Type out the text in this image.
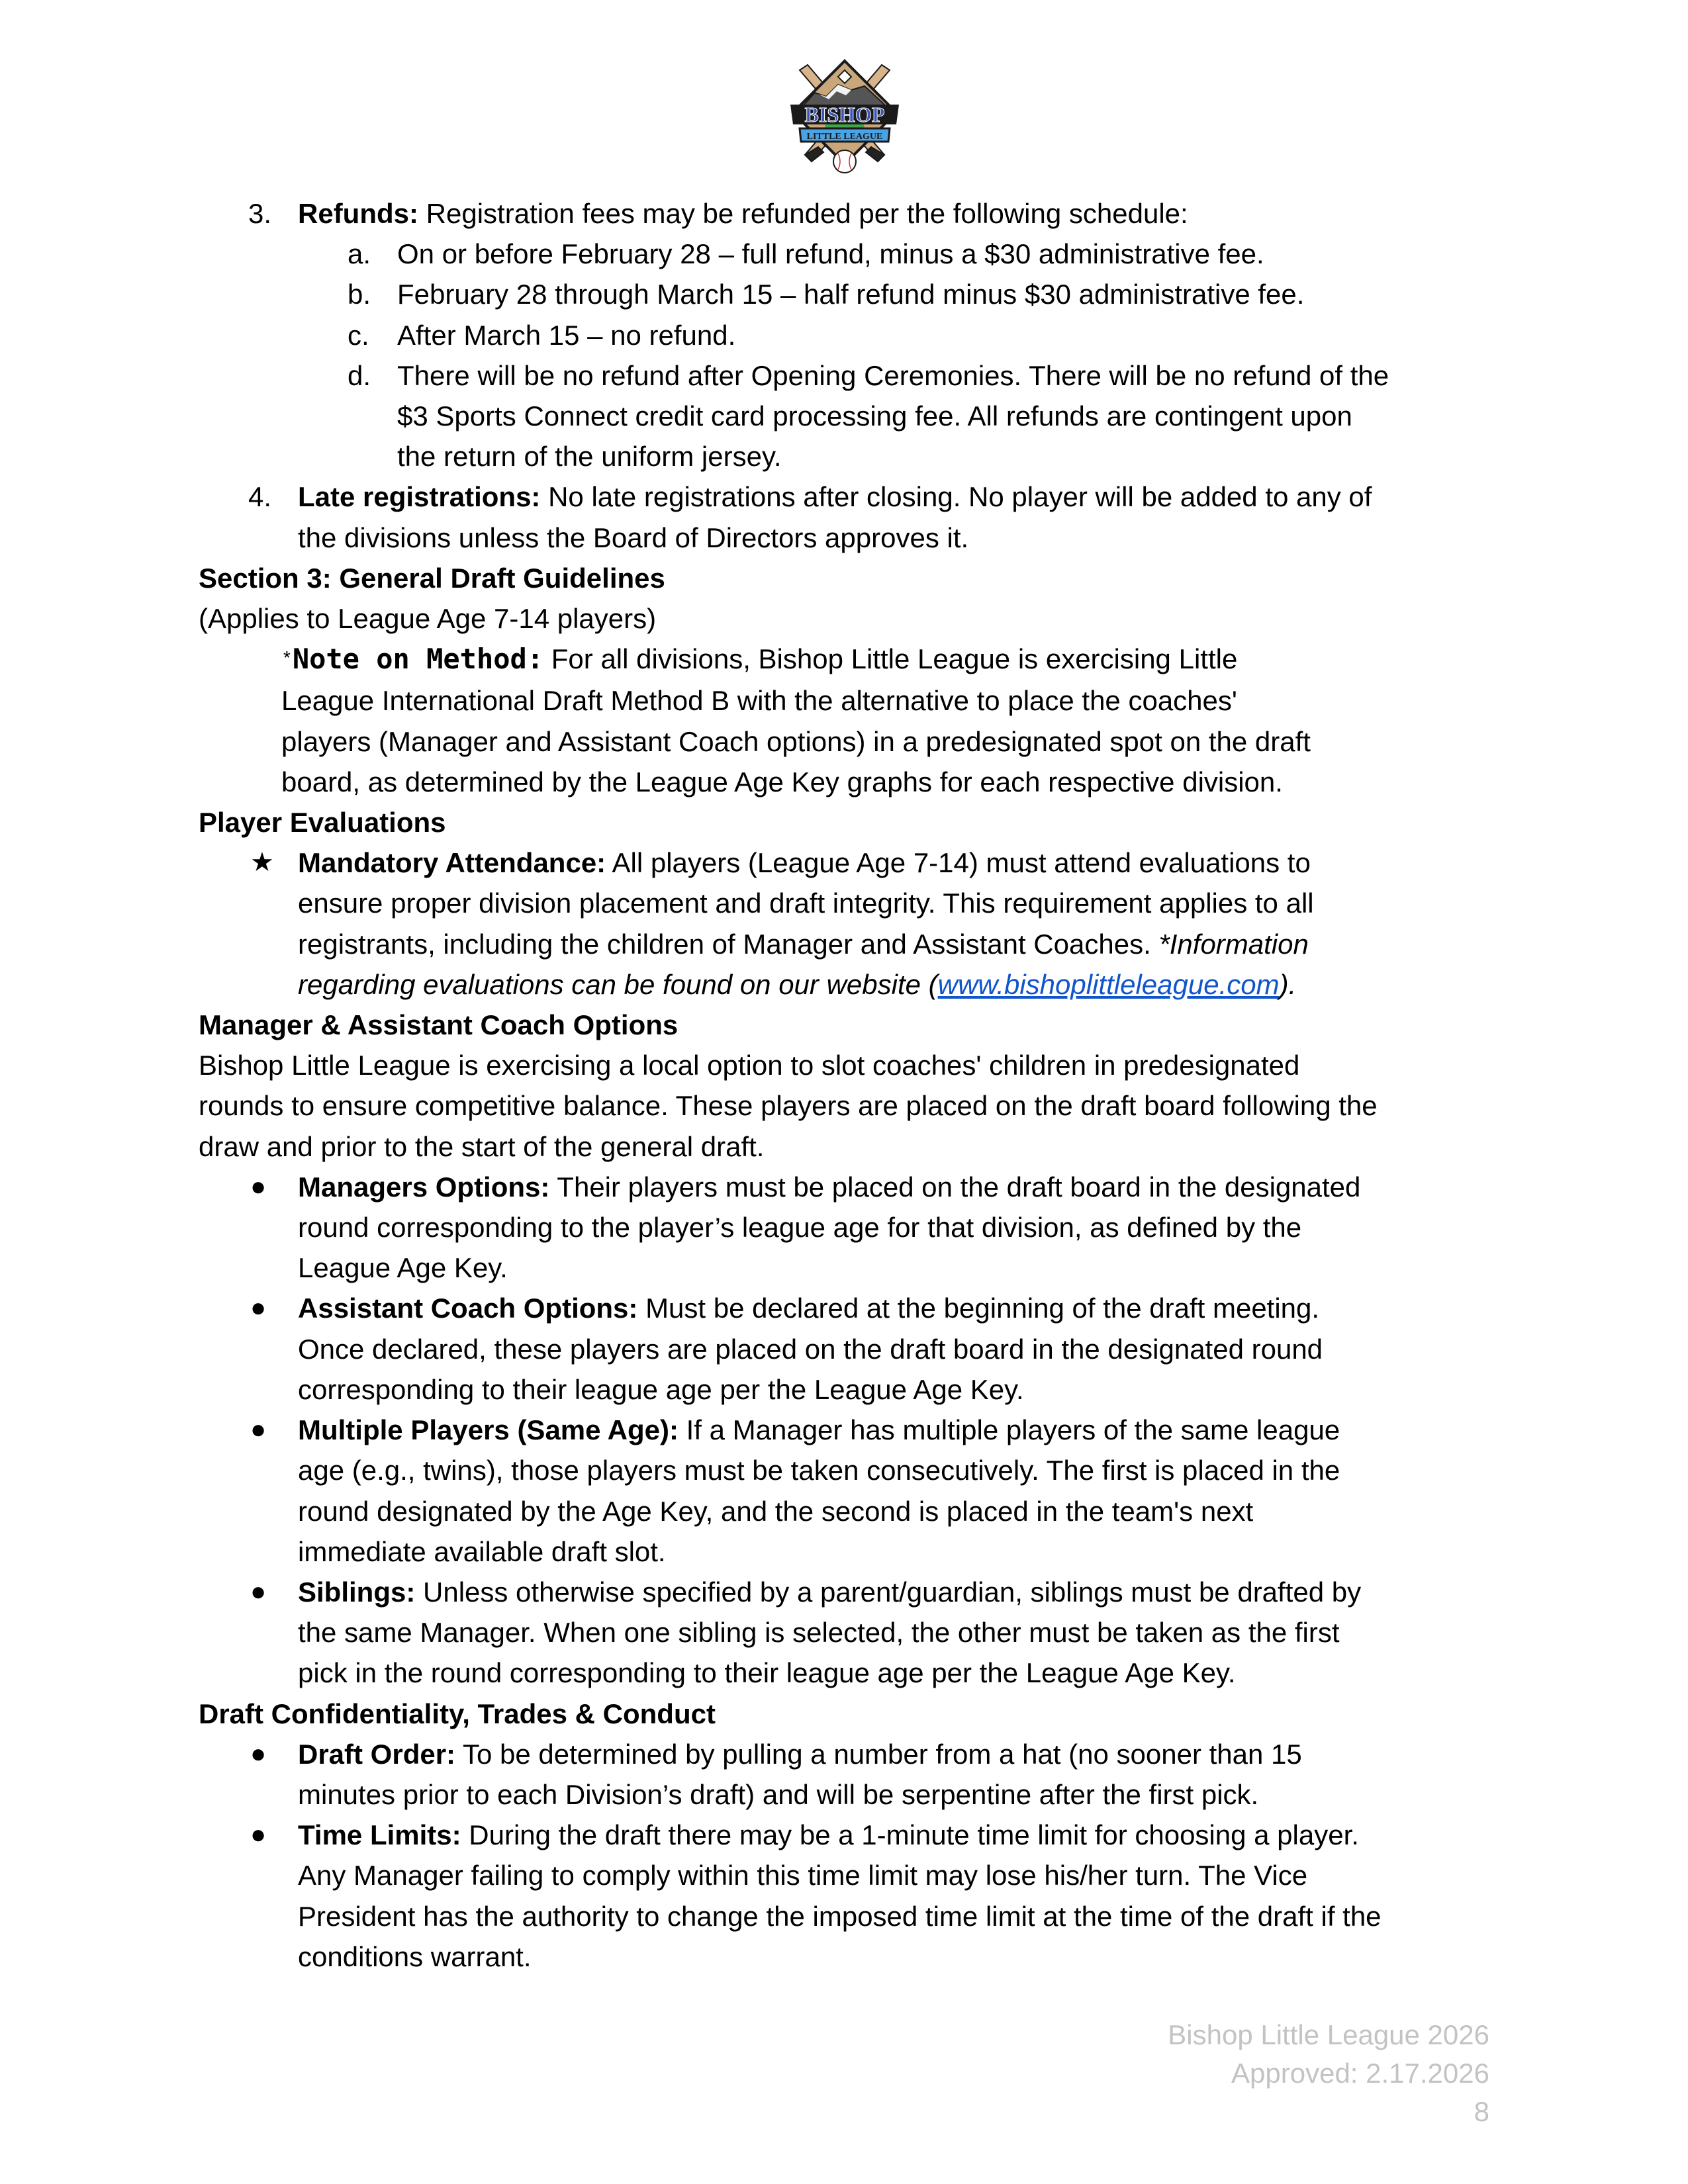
BISHOP
LITTLE LEAGUE
3. Refunds: Registration fees may be refunded per the following schedule:
a. On or before February 28 – full refund, minus a $30 administrative fee.
b. February 28 through March 15 – half refund minus $30 administrative fee.
c. After March 15 – no refund.
d. There will be no refund after Opening Ceremonies. There will be no refund of the
$3 Sports Connect credit card processing fee. All refunds are contingent upon
the return of the uniform jersey.
4. Late registrations: No late registrations after closing. No player will be added to any of
the divisions unless the Board of Directors approves it.
Section 3: General Draft Guidelines
(Applies to League Age 7-14 players)
*Note on Method: For all divisions, Bishop Little League is exercising Little
League International Draft Method B with the alternative to place the coaches'
players (Manager and Assistant Coach options) in a predesignated spot on the draft
board, as determined by the League Age Key graphs for each respective division.
Player Evaluations
★ Mandatory Attendance: All players (League Age 7-14) must attend evaluations to
ensure proper division placement and draft integrity. This requirement applies to all
registrants, including the children of Manager and Assistant Coaches. *Information
regarding evaluations can be found on our website (www.bishoplittleleague.com).
Manager & Assistant Coach Options
Bishop Little League is exercising a local option to slot coaches' children in predesignated
rounds to ensure competitive balance. These players are placed on the draft board following the
draw and prior to the start of the general draft.
● Managers Options: Their players must be placed on the draft board in the designated
round corresponding to the player’s league age for that division, as defined by the
League Age Key.
● Assistant Coach Options: Must be declared at the beginning of the draft meeting.
Once declared, these players are placed on the draft board in the designated round
corresponding to their league age per the League Age Key.
● Multiple Players (Same Age): If a Manager has multiple players of the same league
age (e.g., twins), those players must be taken consecutively. The first is placed in the
round designated by the Age Key, and the second is placed in the team's next
immediate available draft slot.
● Siblings: Unless otherwise specified by a parent/guardian, siblings must be drafted by
the same Manager. When one sibling is selected, the other must be taken as the first
pick in the round corresponding to their league age per the League Age Key.
Draft Confidentiality, Trades & Conduct
● Draft Order: To be determined by pulling a number from a hat (no sooner than 15
minutes prior to each Division’s draft) and will be serpentine after the first pick.
● Time Limits: During the draft there may be a 1-minute time limit for choosing a player.
Any Manager failing to comply within this time limit may lose his/her turn. The Vice
President has the authority to change the imposed time limit at the time of the draft if the
conditions warrant.
Bishop Little League 2026
Approved: 2.17.2026
8
